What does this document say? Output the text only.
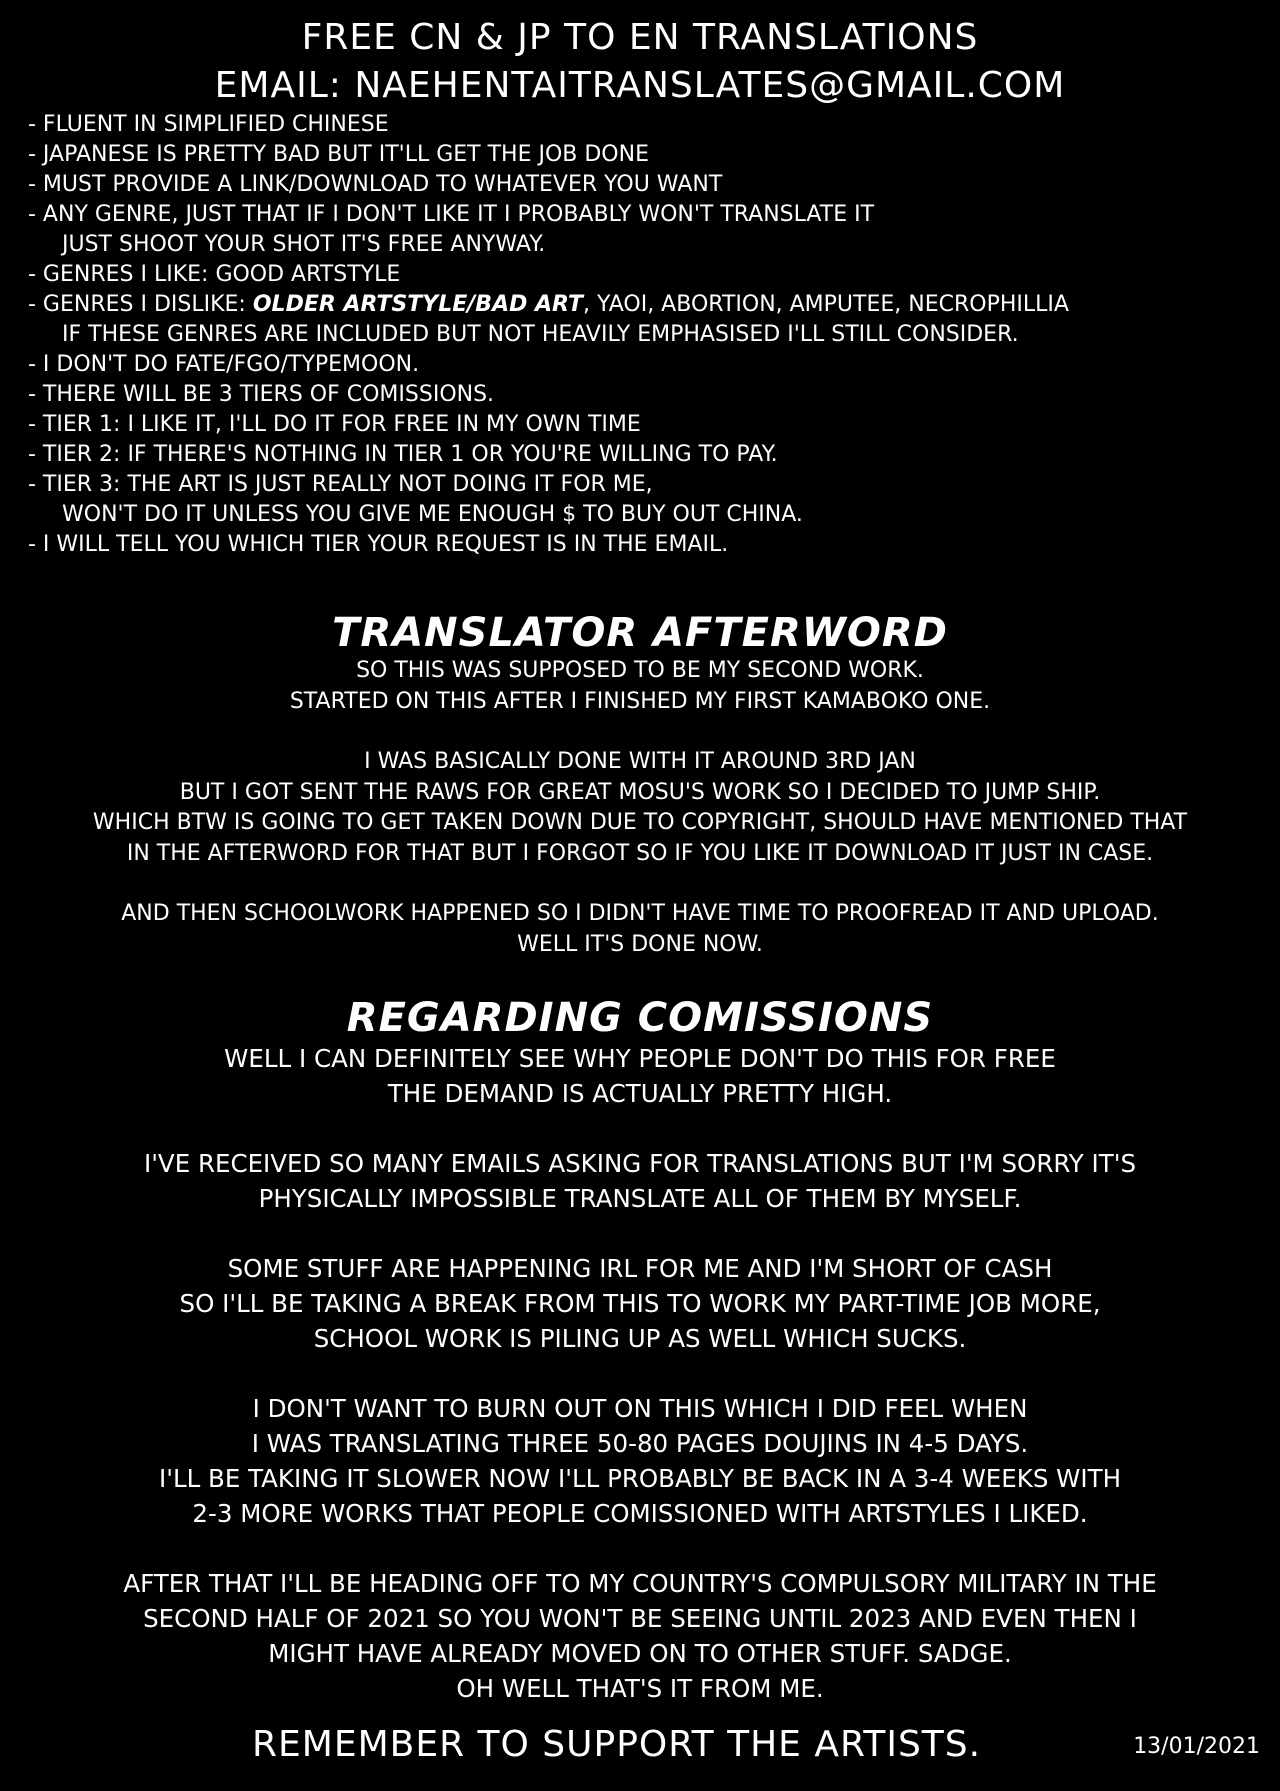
FREE CN & JP TO EN TRANSLATIONS
EMAIL: NAEHENTAITRANSLATES@GMAIL.COM
- FLUENT IN SIMPLIFIED CHINESE
- JAPANESE IS PRETTY BAD BUT IT'LL GET THE JOB DONE
- MUST PROVIDE A LINK/DOWNLOAD TO WHATEVER YOU WANT
- ANY GENRE, JUST THAT IF I DON'T LIKE IT I PROBABLY WON'T TRANSLATE IT
JUST SHOOT YOUR SHOT IT'S FREE ANYWAY.
- GENRES I LIKE: GOOD ARTSTYLE
- GENRES I DISLIKE: OLDER ARTSTYLE/BAD ART, YAOI, ABORTION, AMPUTEE, NECROPHILLIA
IF THESE GENRES ARE INCLUDED BUT NOT HEAVILY EMPHASISED I'LL STILL CONSIDER.
- I DON'T DO FATE/FGO/TYPEMOON.
- THERE WILL BE 3 TIERS OF COMISSIONS.
- TIER 1: I LIKE IT, I'LL DO IT FOR FREE IN MY OWN TIME
- TIER 2: IF THERE'S NOTHING IN TIER 1 OR YOU'RE WILLING TO PAY.
- TIER 3: THE ART IS JUST REALLY NOT DOING IT FOR ME,
WON'T DO IT UNLESS YOU GIVE ME ENOUGH $ TO BUY OUT CHINA.
- I WILL TELL YOU WHICH TIER YOUR REQUEST IS IN THE EMAIL.
TRANSLATOR AFTERWORD
SO THIS WAS SUPPOSED TO BE MY SECOND WORK.
STARTED ON THIS AFTER I FINISHED MY FIRST KAMABOKO ONE.
I WAS BASICALLY DONE WITH IT AROUND 3RD JAN
BUT I GOT SENT THE RAWS FOR GREAT MOSU'S WORK SO I DECIDED TO JUMP SHIP.
WHICH BTW IS GOING TO GET TAKEN DOWN DUE TO COPYRIGHT, SHOULD HAVE MENTIONED THAT
IN THE AFTERWORD FOR THAT BUT I FORGOT SO IF YOU LIKE IT DOWNLOAD IT JUST IN CASE.
AND THEN SCHOOLWORK HAPPENED SO I DIDN'T HAVE TIME TO PROOFREAD IT AND UPLOAD.
WELL IT'S DONE NOW.
REGARDING COMISSIONS
WELL I CAN DEFINITELY SEE WHY PEOPLE DON'T DO THIS FOR FREE
THE DEMAND IS ACTUALLY PRETTY HIGH.
I'VE RECEIVED SO MANY EMAILS ASKING FOR TRANSLATIONS BUT I'M SORRY IT'S
PHYSICALLY IMPOSSIBLE TRANSLATE ALL OF THEM BY MYSELF.
SOME STUFF ARE HAPPENING IRL FOR ME AND I'M SHORT OF CASH
SO I'LL BE TAKING A BREAK FROM THIS TO WORK MY PART-TIME JOB MORE,
SCHOOL WORK IS PILING UP AS WELL WHICH SUCKS.
I DON'T WANT TO BURN OUT ON THIS WHICH I DID FEEL WHEN
I WAS TRANSLATING THREE 50-80 PAGES DOUJINS IN 4-5 DAYS.
I'LL BE TAKING IT SLOWER NOW I'LL PROBABLY BE BACK IN A 3-4 WEEKS WITH
2-3 MORE WORKS THAT PEOPLE COMISSIONED WITH ARTSTYLES I LIKED.
AFTER THAT I'LL BE HEADING OFF TO MY COUNTRY'S COMPULSORY MILITARY IN THE
SECOND HALF OF 2021 SO YOU WON'T BE SEEING UNTIL 2023 AND EVEN THEN I
MIGHT HAVE ALREADY MOVED ON TO OTHER STUFF. SADGE.
OH WELL THAT'S IT FROM ME.
REMEMBER TO SUPPORT THE ARTISTS.	13/01/2021
